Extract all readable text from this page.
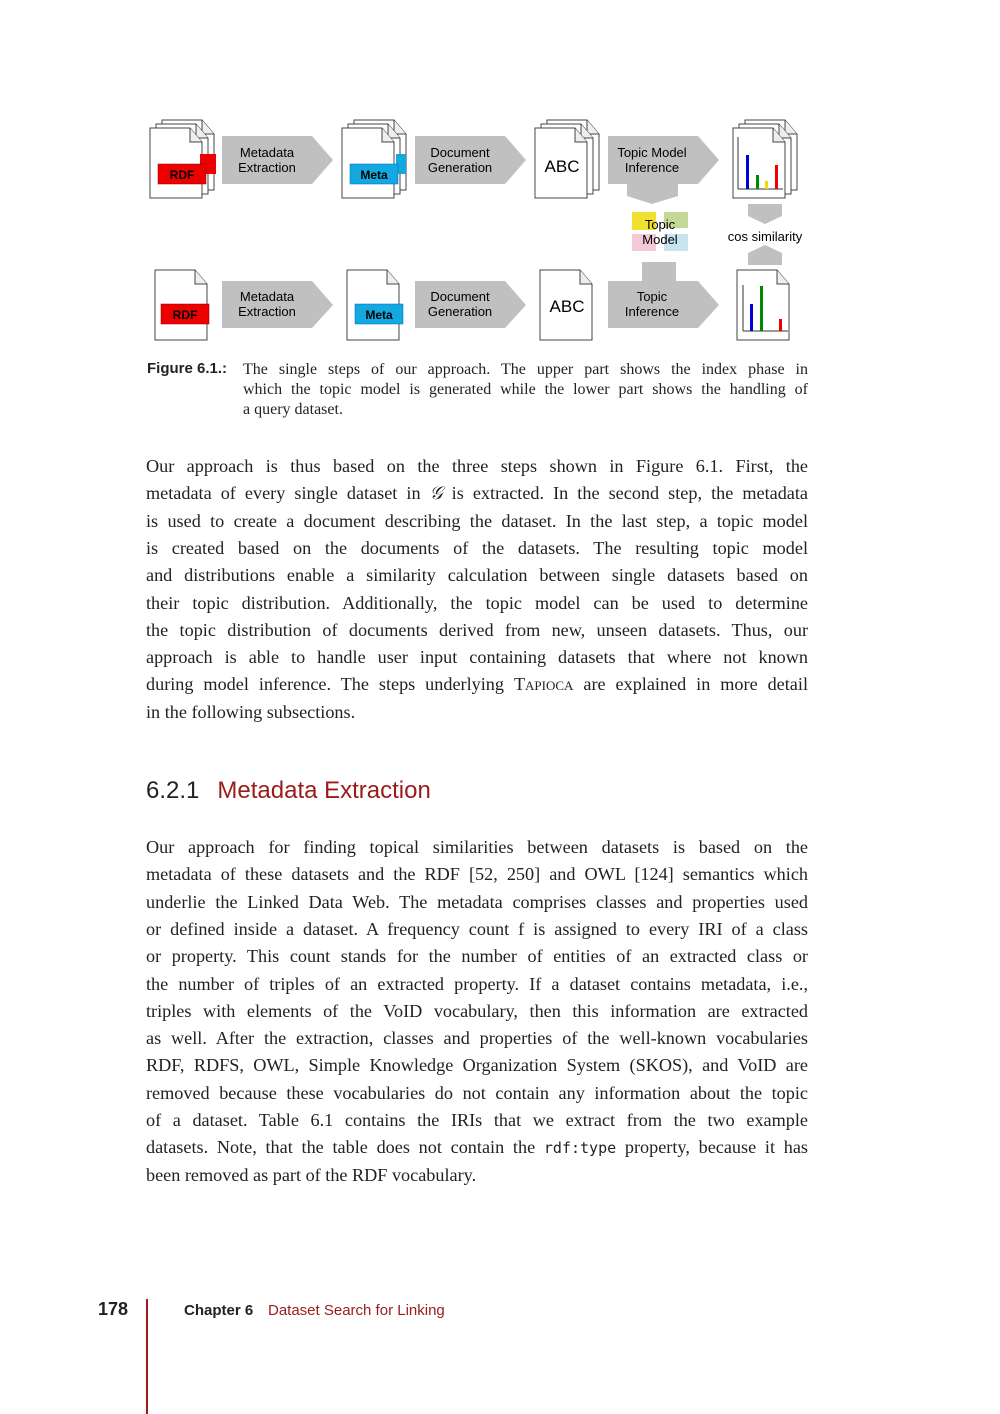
RDF
Metadata
Extraction	Meta
Document
Generation	ABC
Topic Model
Inference
Topic
Model	cos similarity
RDF
Metadata
Extraction	Meta
Document
Generation	ABC
Topic
Inference
Figure 6.1.: The single steps of our approach. The upper part shows the index phase in
which the topic model is generated while the lower part shows the handling of
a query dataset.
Our approach is thus based on the three steps shown in Figure 6.1. First, the
metadata of every single dataset in 𝒢 is extracted. In the second step, the metadata
is used to create a document describing the dataset. In the last step, a topic model
is created based on the documents of the datasets. The resulting topic model
and distributions enable a similarity calculation between single datasets based on
their topic distribution. Additionally, the topic model can be used to determine
the topic distribution of documents derived from new, unseen datasets. Thus, our
approach is able to handle user input containing datasets that where not known
during model inference. The steps underlying Tapioca are explained in more detail
in the following subsections.
6.2.1 Metadata Extraction
Our approach for finding topical similarities between datasets is based on the
metadata of these datasets and the RDF [52, 250] and OWL [124] semantics which
underlie the Linked Data Web. The metadata comprises classes and properties used
or defined inside a dataset. A frequency count f is assigned to every IRI of a class
or property. This count stands for the number of entities of an extracted class or
the number of triples of an extracted property. If a dataset contains metadata, i.e.,
triples with elements of the VoID vocabulary, then this information are extracted
as well. After the extraction, classes and properties of the well-known vocabularies
RDF, RDFS, OWL, Simple Knowledge Organization System (SKOS), and VoID are
removed because these vocabularies do not contain any information about the topic
of a dataset. Table 6.1 contains the IRIs that we extract from the two example
datasets. Note, that the table does not contain the rdf:type property, because it has
been removed as part of the RDF vocabulary.
178	Chapter 6 Dataset Search for Linking
